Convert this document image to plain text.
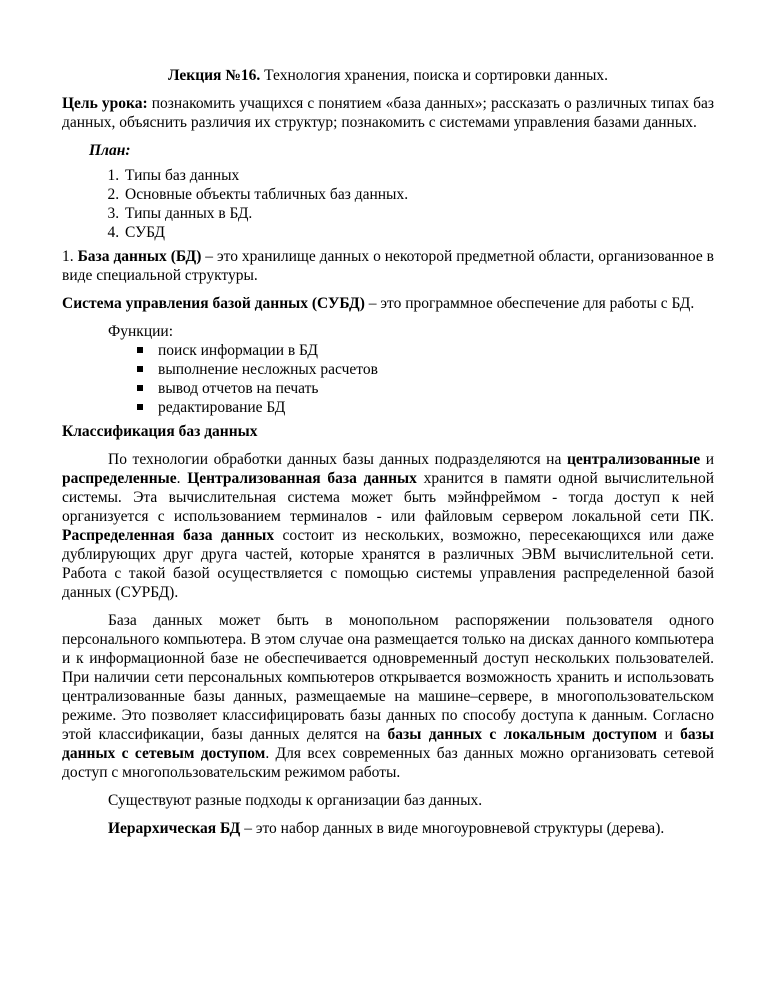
Лекция №16. Технология хранения, поиска и сортировки данных.

Цель урока: познакомить учащихся с понятием «база данных»; рассказать о различных типах баз данных, объяснить различия их структур; познакомить с системами управления базами данных.

План:

1. Типы баз данных
2. Основные объекты табличных баз данных.
3. Типы данных в БД.
4. СУБД

1. База данных (БД) – это хранилище данных о некоторой предметной области, организованное в виде специальной структуры.

Система управления базой данных (СУБД) – это программное обеспечение для работы с БД.

Функции:

поиск информации в БД
выполнение несложных расчетов
вывод отчетов на печать
редактирование БД

Классификация баз данных

По технологии обработки данных базы данных подразделяются на централизованные и распределенные. Централизованная база данных хранится в памяти одной вычислительной системы. Эта вычислительная система может быть мэйнфреймом - тогда доступ к ней организуется с использованием терминалов - или файловым сервером локальной сети ПК. Распределенная база данных состоит из нескольких, возможно, пересекающихся или даже дублирующих друг друга частей, которые хранятся в различных ЭВМ вычислительной сети. Работа с такой базой осуществляется с помощью системы управления распределенной базой данных (СУРБД).

База данных может быть в монопольном распоряжении пользователя одного персонального компьютера. В этом случае она размещается только на дисках данного компьютера и к информационной базе не обеспечивается одновременный доступ нескольких пользователей. При наличии сети персональных компьютеров открывается возможность хранить и использовать централизованные базы данных, размещаемые на машине–сервере, в многопользовательском режиме. Это позволяет классифицировать базы данных по способу доступа к данным. Согласно этой классификации, базы данных делятся на базы данных с локальным доступом и базы данных с сетевым доступом. Для всех современных баз данных можно организовать сетевой доступ с многопользовательским режимом работы.

Существуют разные подходы к организации баз данных.

Иерархическая БД – это набор данных в виде многоуровневой структуры (дерева).
